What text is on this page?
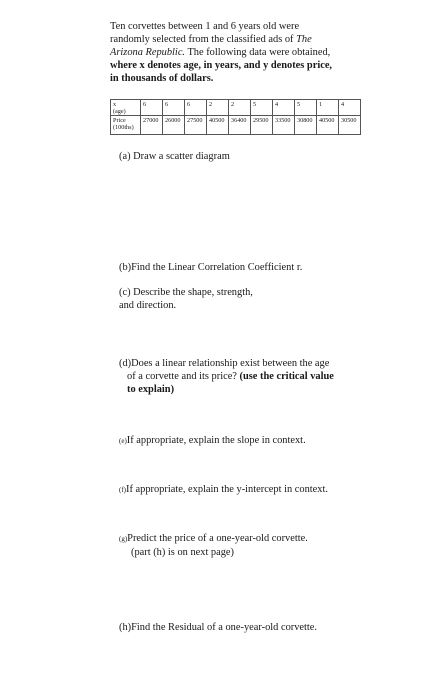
Ten corvettes between 1 and 6 years old were
randomly selected from the classified ads of The
Arizona Republic. The following data were obtained,
where x denotes age, in years, and y denotes price,
in thousands of dollars.
x
(age)	6	6	6	2	2	5	4	5	1	4

Price
(100ths)	27000	26000	27500	40500	36400	29500	33500	30800	40500	30500
(a) Draw a scatter diagram
(b)Find the Linear Correlation Coefficient r.
(c) Describe the shape, strength,
and direction.
(d)Does a linear relationship exist between the age
of a corvette and its price? (use the critical value
to explain)
(e)If appropriate, explain the slope in context.
(f)If appropriate, explain the y-intercept in context.
(g)Predict the price of a one-year-old corvette.
(part (h) is on next page)
(h)Find the Residual of a one-year-old corvette.
